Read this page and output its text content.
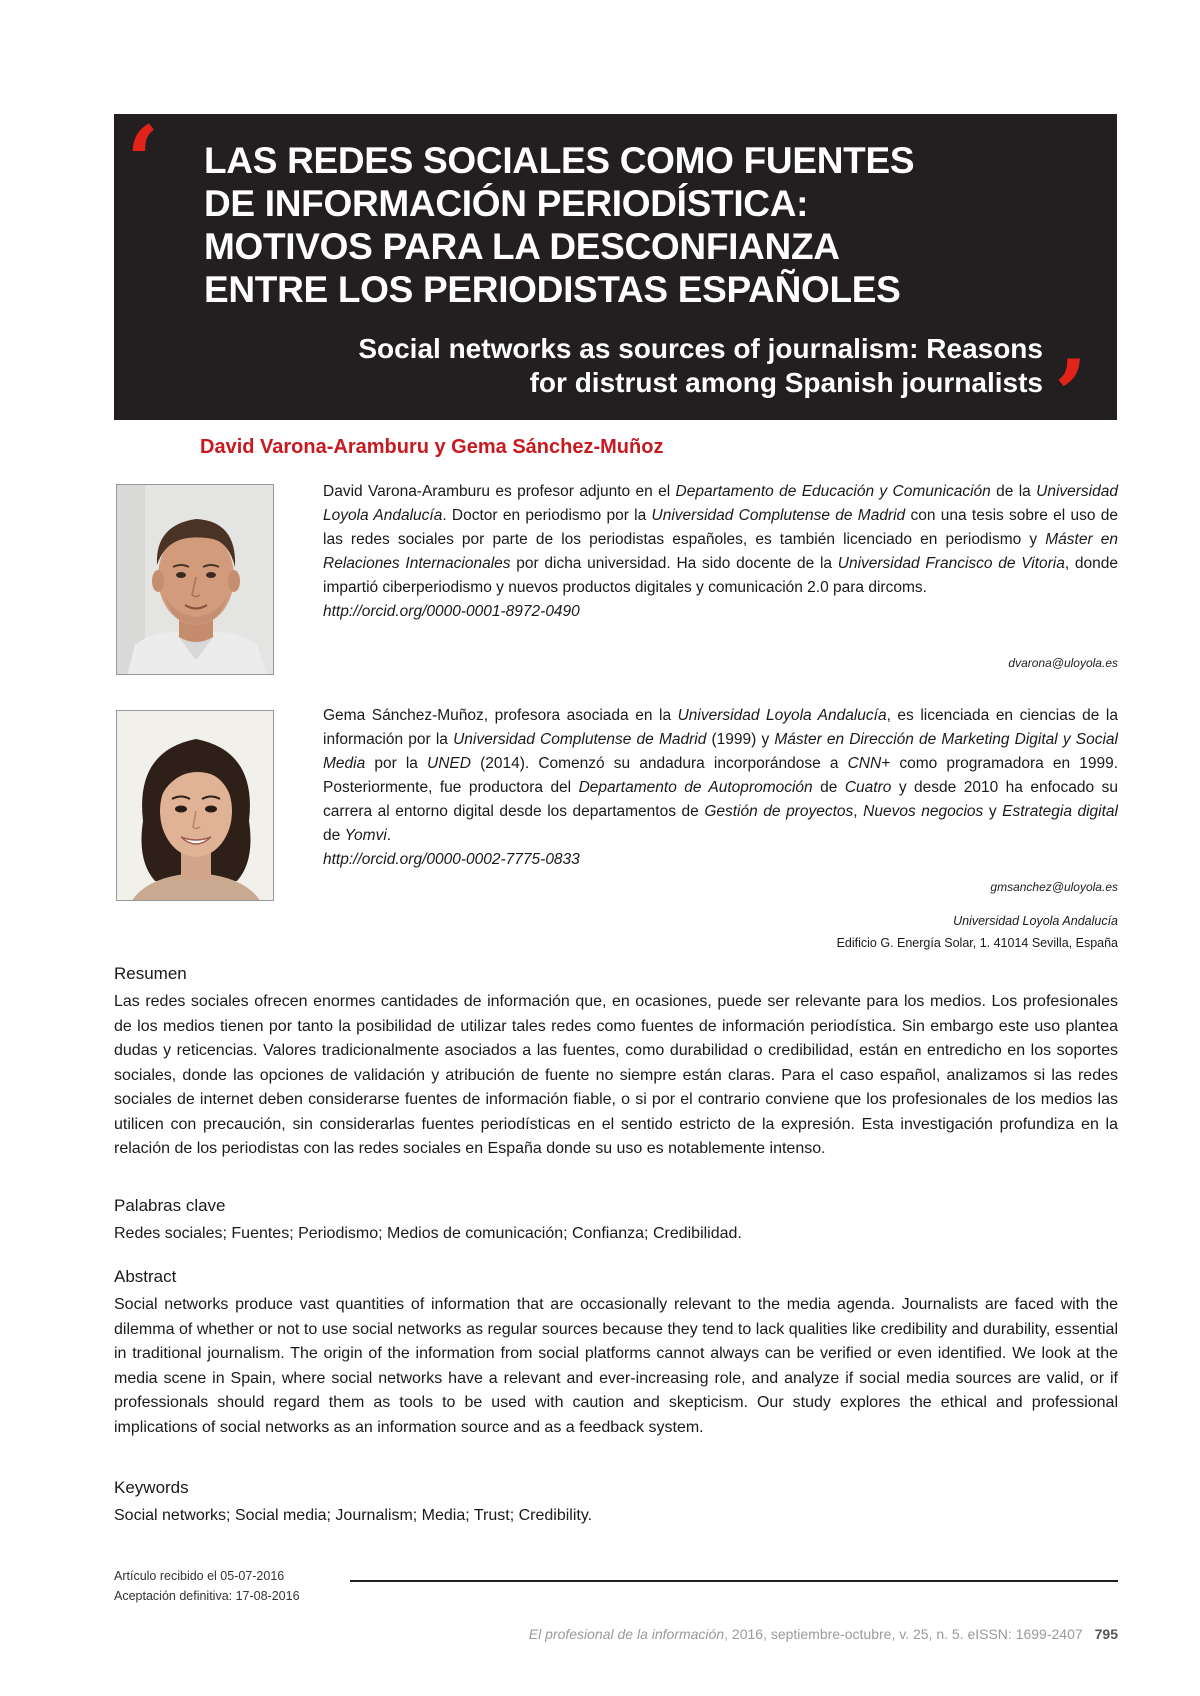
‘ LAS REDES SOCIALES COMO FUENTES
DE INFORMACIÓN PERIODÍSTICA:
MOTIVOS PARA LA DESCONFIANZA
ENTRE LOS PERIODISTAS ESPAÑOLES
Social networks as sources of journalism: Reasons
for distrust among Spanish journalists ’
David Varona-Aramburu y Gema Sánchez-Muñoz
David Varona-Aramburu es profesor adjunto en el Departamento de Educación y Comunicación de la Universidad Loyola Andalucía. Doctor en periodismo por la Universidad Complutense de Madrid con una tesis sobre el uso de las redes sociales por parte de los periodistas españoles, es también licenciado en periodismo y Máster en Relaciones Internacionales por dicha universidad. Ha sido docente de la Universidad Francisco de Vitoria, donde impartió ciberperiodismo y nuevos productos digitales y comunicación 2.0 para dircoms.
http://orcid.org/0000-0001-8972-0490
dvarona@uloyola.es
Gema Sánchez-Muñoz, profesora asociada en la Universidad Loyola Andalucía, es licenciada en ciencias de la información por la Universidad Complutense de Madrid (1999) y Máster en Dirección de Marketing Digital y Social Media por la UNED (2014). Comenzó su andadura incorporándose a CNN+ como programadora en 1999. Posteriormente, fue productora del Departamento de Autopromoción de Cuatro y desde 2010 ha enfocado su carrera al entorno digital desde los departamentos de Gestión de proyectos, Nuevos negocios y Estrategia digital de Yomvi.
http://orcid.org/0000-0002-7775-0833
gmsanchez@uloyola.es
Universidad Loyola Andalucía
Edificio G. Energía Solar, 1. 41014 Sevilla, España
Resumen
Las redes sociales ofrecen enormes cantidades de información que, en ocasiones, puede ser relevante para los medios. Los profesionales de los medios tienen por tanto la posibilidad de utilizar tales redes como fuentes de información periodística. Sin embargo este uso plantea dudas y reticencias. Valores tradicionalmente asociados a las fuentes, como durabilidad o credibilidad, están en entredicho en los soportes sociales, donde las opciones de validación y atribución de fuente no siempre están claras. Para el caso español, analizamos si las redes sociales de internet deben considerarse fuentes de información fiable, o si por el contrario conviene que los profesionales de los medios las utilicen con precaución, sin considerarlas fuentes periodísticas en el sentido estricto de la expresión. Esta investigación profundiza en la relación de los periodistas con las redes sociales en España donde su uso es notablemente intenso.
Palabras clave
Redes sociales; Fuentes; Periodismo; Medios de comunicación; Confianza; Credibilidad.
Abstract
Social networks produce vast quantities of information that are occasionally relevant to the media agenda. Journalists are faced with the dilemma of whether or not to use social networks as regular sources because they tend to lack qualities like credibility and durability, essential in traditional journalism. The origin of the information from social platforms cannot always can be verified or even identified. We look at the media scene in Spain, where social networks have a relevant and ever-increasing role, and analyze if social media sources are valid, or if professionals should regard them as tools to be used with caution and skepticism. Our study explores the ethical and professional implications of social networks as an information source and as a feedback system.
Keywords
Social networks; Social media; Journalism; Media; Trust; Credibility.
Artículo recibido el 05-07-2016
Aceptación definitiva: 17-08-2016
El profesional de la información, 2016, septiembre-octubre, v. 25, n. 5. eISSN: 1699-2407 795
